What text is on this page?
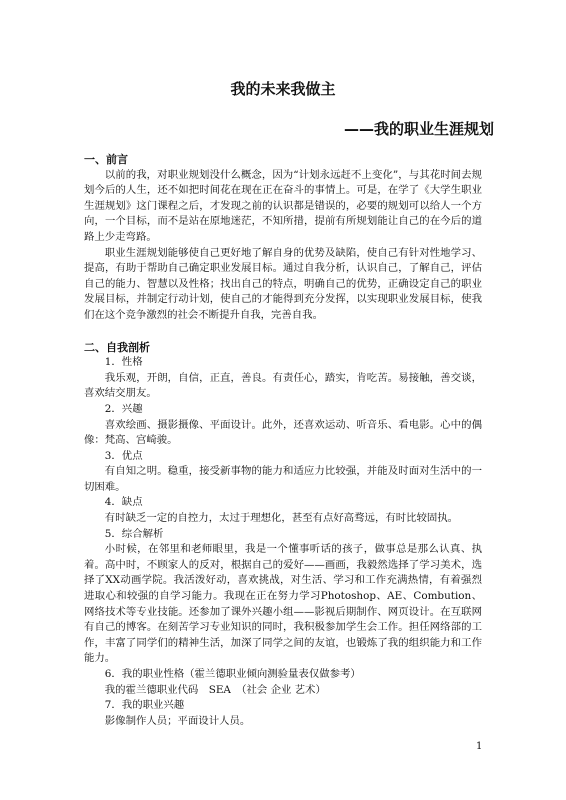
我的未来我做主
——我的职业生涯规划
一、前言

以前的我，对职业规划没什么概念，因为“计划永远赶不上变化”，与其花时间去规划今后的人生，还不如把时间花在现在正在奋斗的事情上。可是，在学了《大学生职业生涯规划》这门课程之后，才发现之前的认识都是错误的，必要的规划可以给人一个方向，一个目标，而不是站在原地迷茫，不知所措，提前有所规划能让自己的在今后的道路上少走弯路。

职业生涯规划能够使自己更好地了解自身的优势及缺陷，使自己有针对性地学习、提高，有助于帮助自己确定职业发展目标。通过自我分析，认识自己，了解自己，评估自己的能力、智慧以及性格；找出自己的特点，明确自己的优势，正确设定自己的职业发展目标，并制定行动计划，使自己的才能得到充分发挥，以实现职业发展目标，使我们在这个竞争激烈的社会不断提升自我，完善自我。

二、自我剖析

1．性格

我乐观，开朗，自信，正直，善良。有责任心，踏实，肯吃苦。易接触，善交谈，喜欢结交朋友。

2．兴趣

喜欢绘画、摄影摄像、平面设计。此外，还喜欢运动、听音乐、看电影。心中的偶像：梵高、宫崎骏。

3．优点

有自知之明。稳重，接受新事物的能力和适应力比较强，并能及时面对生活中的一切困难。

4．缺点

有时缺乏一定的自控力，太过于理想化，甚至有点好高骛远，有时比较固执。

5．综合解析

小时候，在邻里和老师眼里，我是一个懂事听话的孩子，做事总是那么认真、执着。高中时，不顾家人的反对，根据自己的爱好——画画，我毅然选择了学习美术，选择了XX动画学院。我活泼好动，喜欢挑战，对生活、学习和工作充满热情，有着强烈进取心和较强的自学习能力。我现在正在努力学习Photoshop、AE、Combution、网络技术等专业技能。还参加了课外兴趣小组——影视后期制作、网页设计。在互联网有自己的博客。在刻苦学习专业知识的同时，我积极参加学生会工作。担任网络部的工作，丰富了同学们的精神生活，加深了同学之间的友谊，也锻炼了我的组织能力和工作能力。

6．我的职业性格（霍兰德职业倾向测验量表仅做参考）

我的霍兰德职业代码　SEA　（社会 企业 艺术）

7．我的职业兴趣

影像制作人员；平面设计人员。

1
